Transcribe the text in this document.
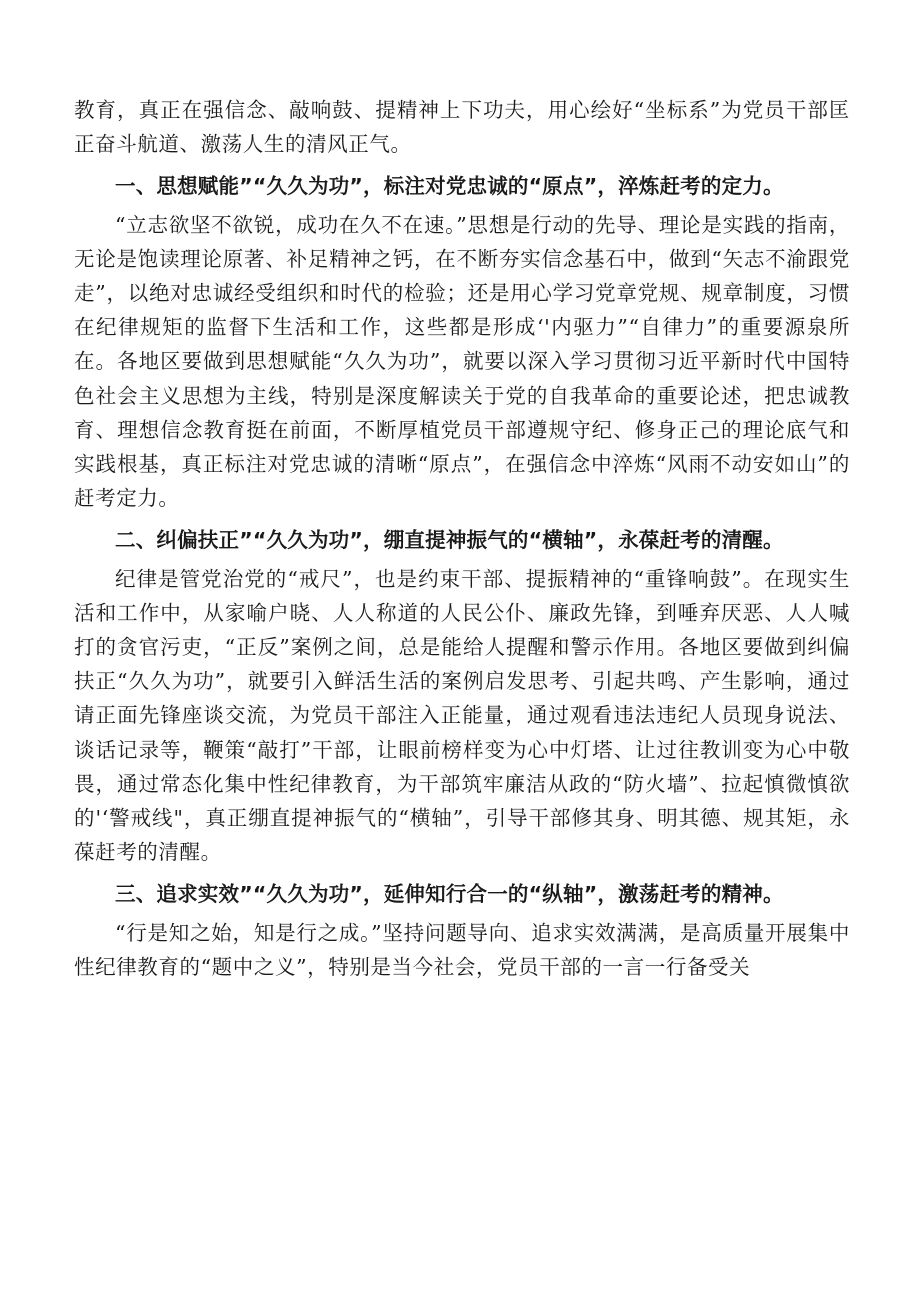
教育，真正在强信念、敲响鼓、提精神上下功夫，用心绘好“坐标系”为党员干部匡正奋斗航道、激荡人生的清风正气。

一、思想赋能”“久久为功”，标注对党忠诚的“原点”，淬炼赶考的定力。

“立志欲坚不欲锐，成功在久不在速。”思想是行动的先导、理论是实践的指南，无论是饱读理论原著、补足精神之钙，在不断夯实信念基石中，做到“矢志不渝跟党走”，以绝对忠诚经受组织和时代的检验；还是用心学习党章党规、规章制度，习惯在纪律规矩的监督下生活和工作，这些都是形成‘'内驱力”“自律力”的重要源泉所在。各地区要做到思想赋能“久久为功”，就要以深入学习贯彻习近平新时代中国特色社会主义思想为主线，特别是深度解读关于党的自我革命的重要论述，把忠诚教育、理想信念教育挺在前面，不断厚植党员干部遵规守纪、修身正己的理论底气和实践根基，真正标注对党忠诚的清晰“原点”，在强信念中淬炼“风雨不动安如山”的赶考定力。

二、纠偏扶正”“久久为功”，绷直提神振气的“横轴”，永葆赶考的清醒。

纪律是管党治党的“戒尺”，也是约束干部、提振精神的“重锋响鼓”。在现实生活和工作中，从家喻户晓、人人称道的人民公仆、廉政先锋，到唾弃厌恶、人人喊打的贪官污吏，“正反”案例之间，总是能给人提醒和警示作用。各地区要做到纠偏扶正“久久为功”，就要引入鲜活生活的案例启发思考、引起共鸣、产生影响，通过请正面先锋座谈交流，为党员干部注入正能量，通过观看违法违纪人员现身说法、谈话记录等，鞭策“敲打”干部，让眼前榜样变为心中灯塔、让过往教训变为心中敬畏，通过常态化集中性纪律教育，为干部筑牢廉洁从政的“防火墙”、拉起慎微慎欲的'‘警戒线"，真正绷直提神振气的“横轴”，引导干部修其身、明其德、规其矩，永葆赶考的清醒。

三、追求实效”“久久为功”，延伸知行合一的“纵轴”，激荡赶考的精神。

“行是知之始，知是行之成。”坚持问题导向、追求实效满满，是高质量开展集中性纪律教育的“题中之义”，特别是当今社会，党员干部的一言一行备受关
